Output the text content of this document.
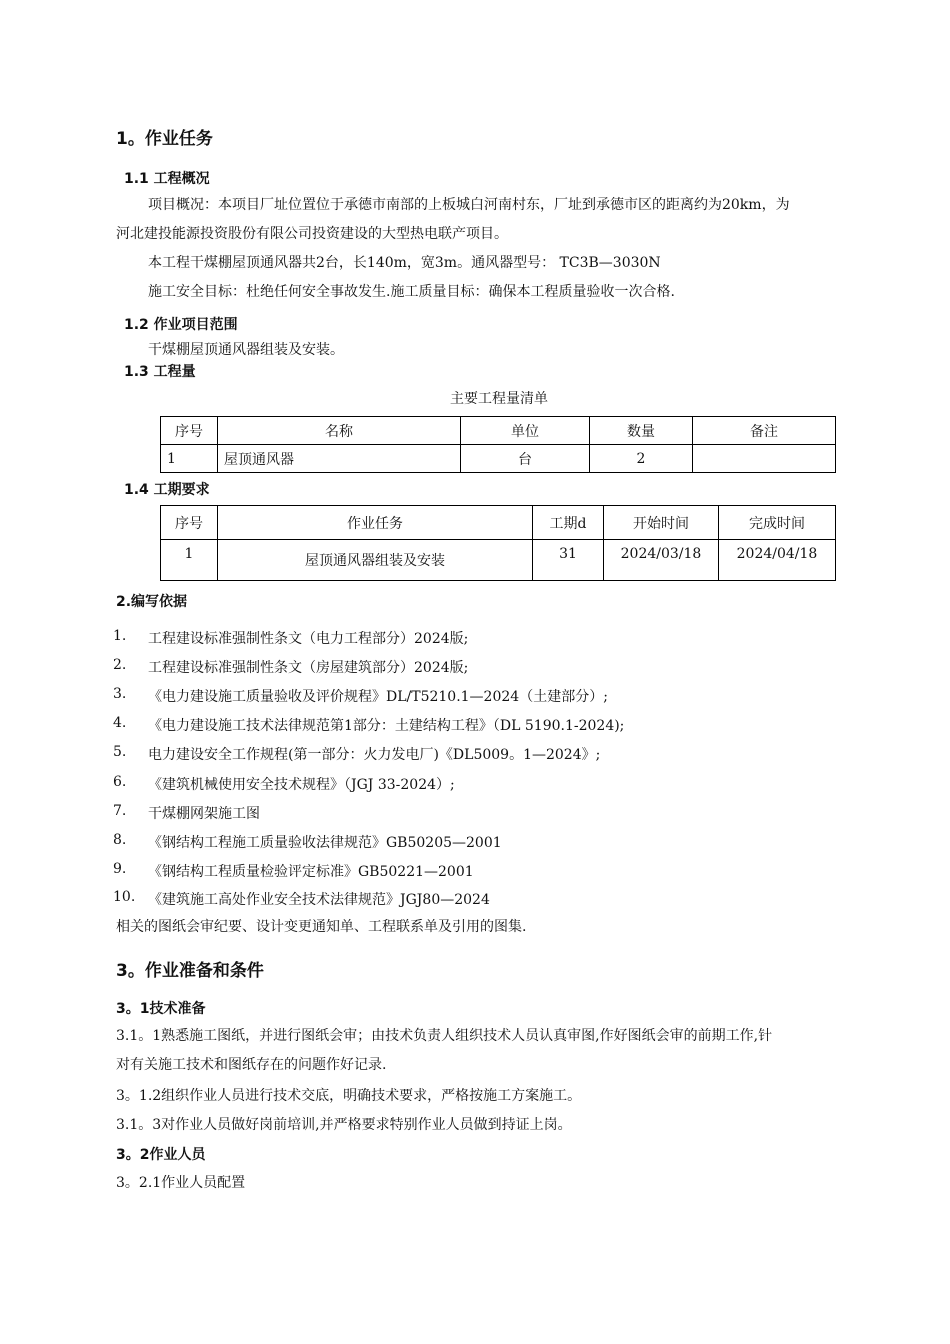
1。作业任务
1.1 工程概况
项目概况：本项目厂址位置位于承德市南部的上板城白河南村东，厂址到承德市区的距离约为20km，为
河北建投能源投资股份有限公司投资建设的大型热电联产项目。
本工程干煤棚屋顶通风器共2台，长140m，宽3m。通风器型号： TC3B—3030N
施工安全目标：杜绝任何安全事故发生.施工质量目标：确保本工程质量验收一次合格.
1.2 作业项目范围
干煤棚屋顶通风器组装及安装。
1.3 工程量
主要工程量清单
序号	名称	单位	数量	备注
1	屋顶通风器	台	2	
1.4 工期要求
序号	作业任务	工期d	开始时间	完成时间
1	屋顶通风器组装及安装	31	2024/03/18	2024/04/18
2.编写依据
1. 工程建设标准强制性条文（电力工程部分）2024版;
2. 工程建设标准强制性条文（房屋建筑部分）2024版;
3. 《电力建设施工质量验收及评价规程》DL/T5210.1—2024（土建部分）;
4. 《电力建设施工技术法律规范第1部分：土建结构工程》（DL 5190.1-2024);
5. 电力建设安全工作规程(第一部分：火力发电厂)《DL5009。1—2024》;
6. 《建筑机械使用安全技术规程》（JGJ 33-2024）;
7. 干煤棚网架施工图
8. 《钢结构工程施工质量验收法律规范》GB50205—2001
9. 《钢结构工程质量检验评定标准》GB50221—2001
10. 《建筑施工高处作业安全技术法律规范》JGJ80—2024
相关的图纸会审纪要、设计变更通知单、工程联系单及引用的图集.
3。作业准备和条件
3。1技术准备
3.1。1熟悉施工图纸，并进行图纸会审；由技术负责人组织技术人员认真审图,作好图纸会审的前期工作,针
对有关施工技术和图纸存在的问题作好记录.
3。1.2组织作业人员进行技术交底，明确技术要求，严格按施工方案施工。
3.1。3对作业人员做好岗前培训,并严格要求特别作业人员做到持证上岗。
3。2作业人员
3。2.1作业人员配置
